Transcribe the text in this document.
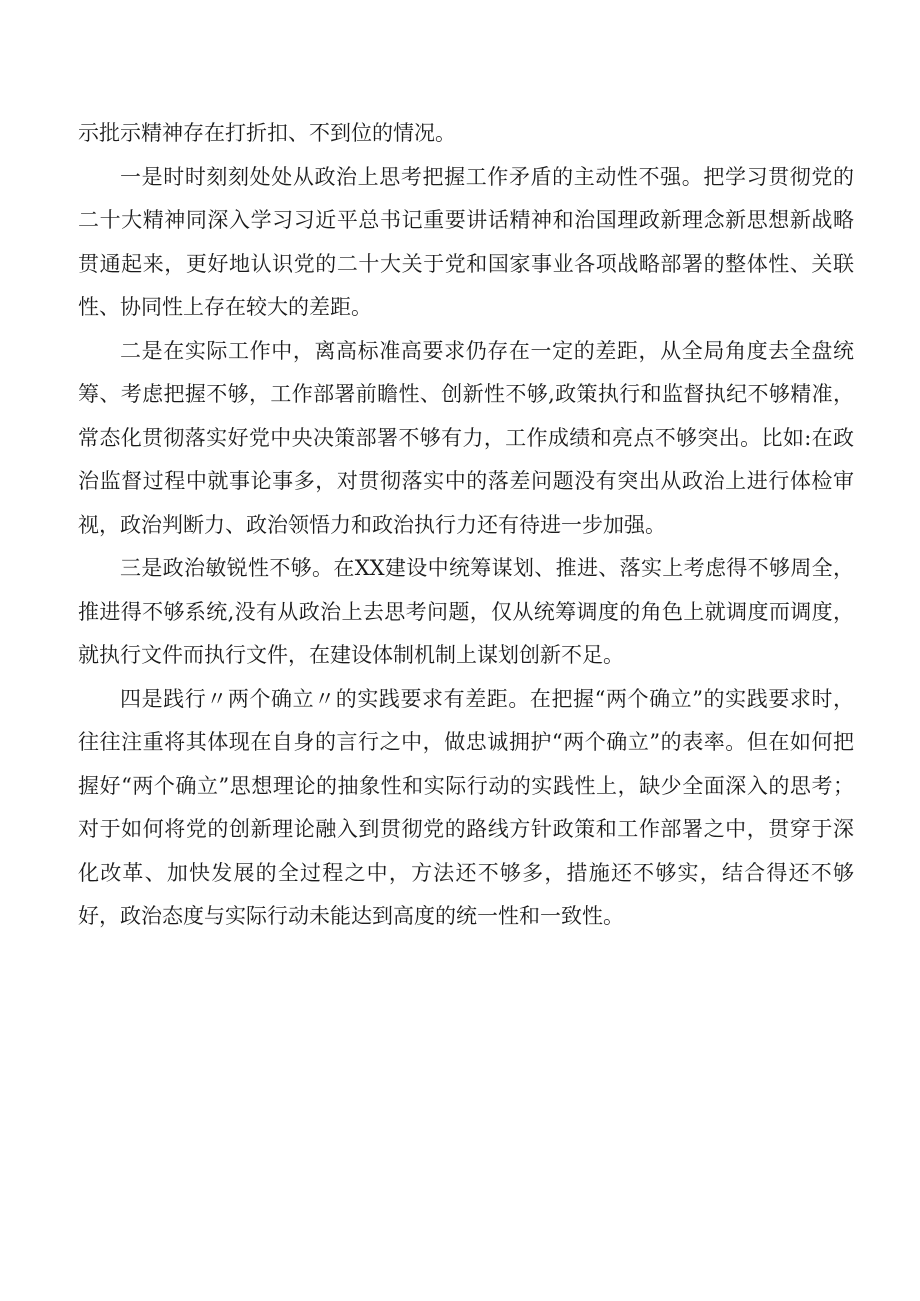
示批示精神存在打折扣、不到位的情况。

一是时时刻刻处处从政治上思考把握工作矛盾的主动性不强。把学习贯彻党的二十大精神同深入学习习近平总书记重要讲话精神和治国理政新理念新思想新战略贯通起来，更好地认识党的二十大关于党和国家事业各项战略部署的整体性、关联性、协同性上存在较大的差距。

二是在实际工作中，离高标准高要求仍存在一定的差距，从全局角度去全盘统筹、考虑把握不够，工作部署前瞻性、创新性不够,政策执行和监督执纪不够精准，常态化贯彻落实好党中央决策部署不够有力，工作成绩和亮点不够突出。比如:在政治监督过程中就事论事多，对贯彻落实中的落差问题没有突出从政治上进行体检审视，政治判断力、政治领悟力和政治执行力还有待进一步加强。

三是政治敏锐性不够。在XX建设中统筹谋划、推进、落实上考虑得不够周全，推进得不够系统,没有从政治上去思考问题，仅从统筹调度的角色上就调度而调度，就执行文件而执行文件，在建设体制机制上谋划创新不足。

四是践行〃两个确立〃的实践要求有差距。在把握“两个确立”的实践要求时，往往注重将其体现在自身的言行之中，做忠诚拥护“两个确立”的表率。但在如何把握好“两个确立”思想理论的抽象性和实际行动的实践性上，缺少全面深入的思考；对于如何将党的创新理论融入到贯彻党的路线方针政策和工作部署之中，贯穿于深化改革、加快发展的全过程之中，方法还不够多，措施还不够实，结合得还不够好，政治态度与实际行动未能达到高度的统一性和一致性。
